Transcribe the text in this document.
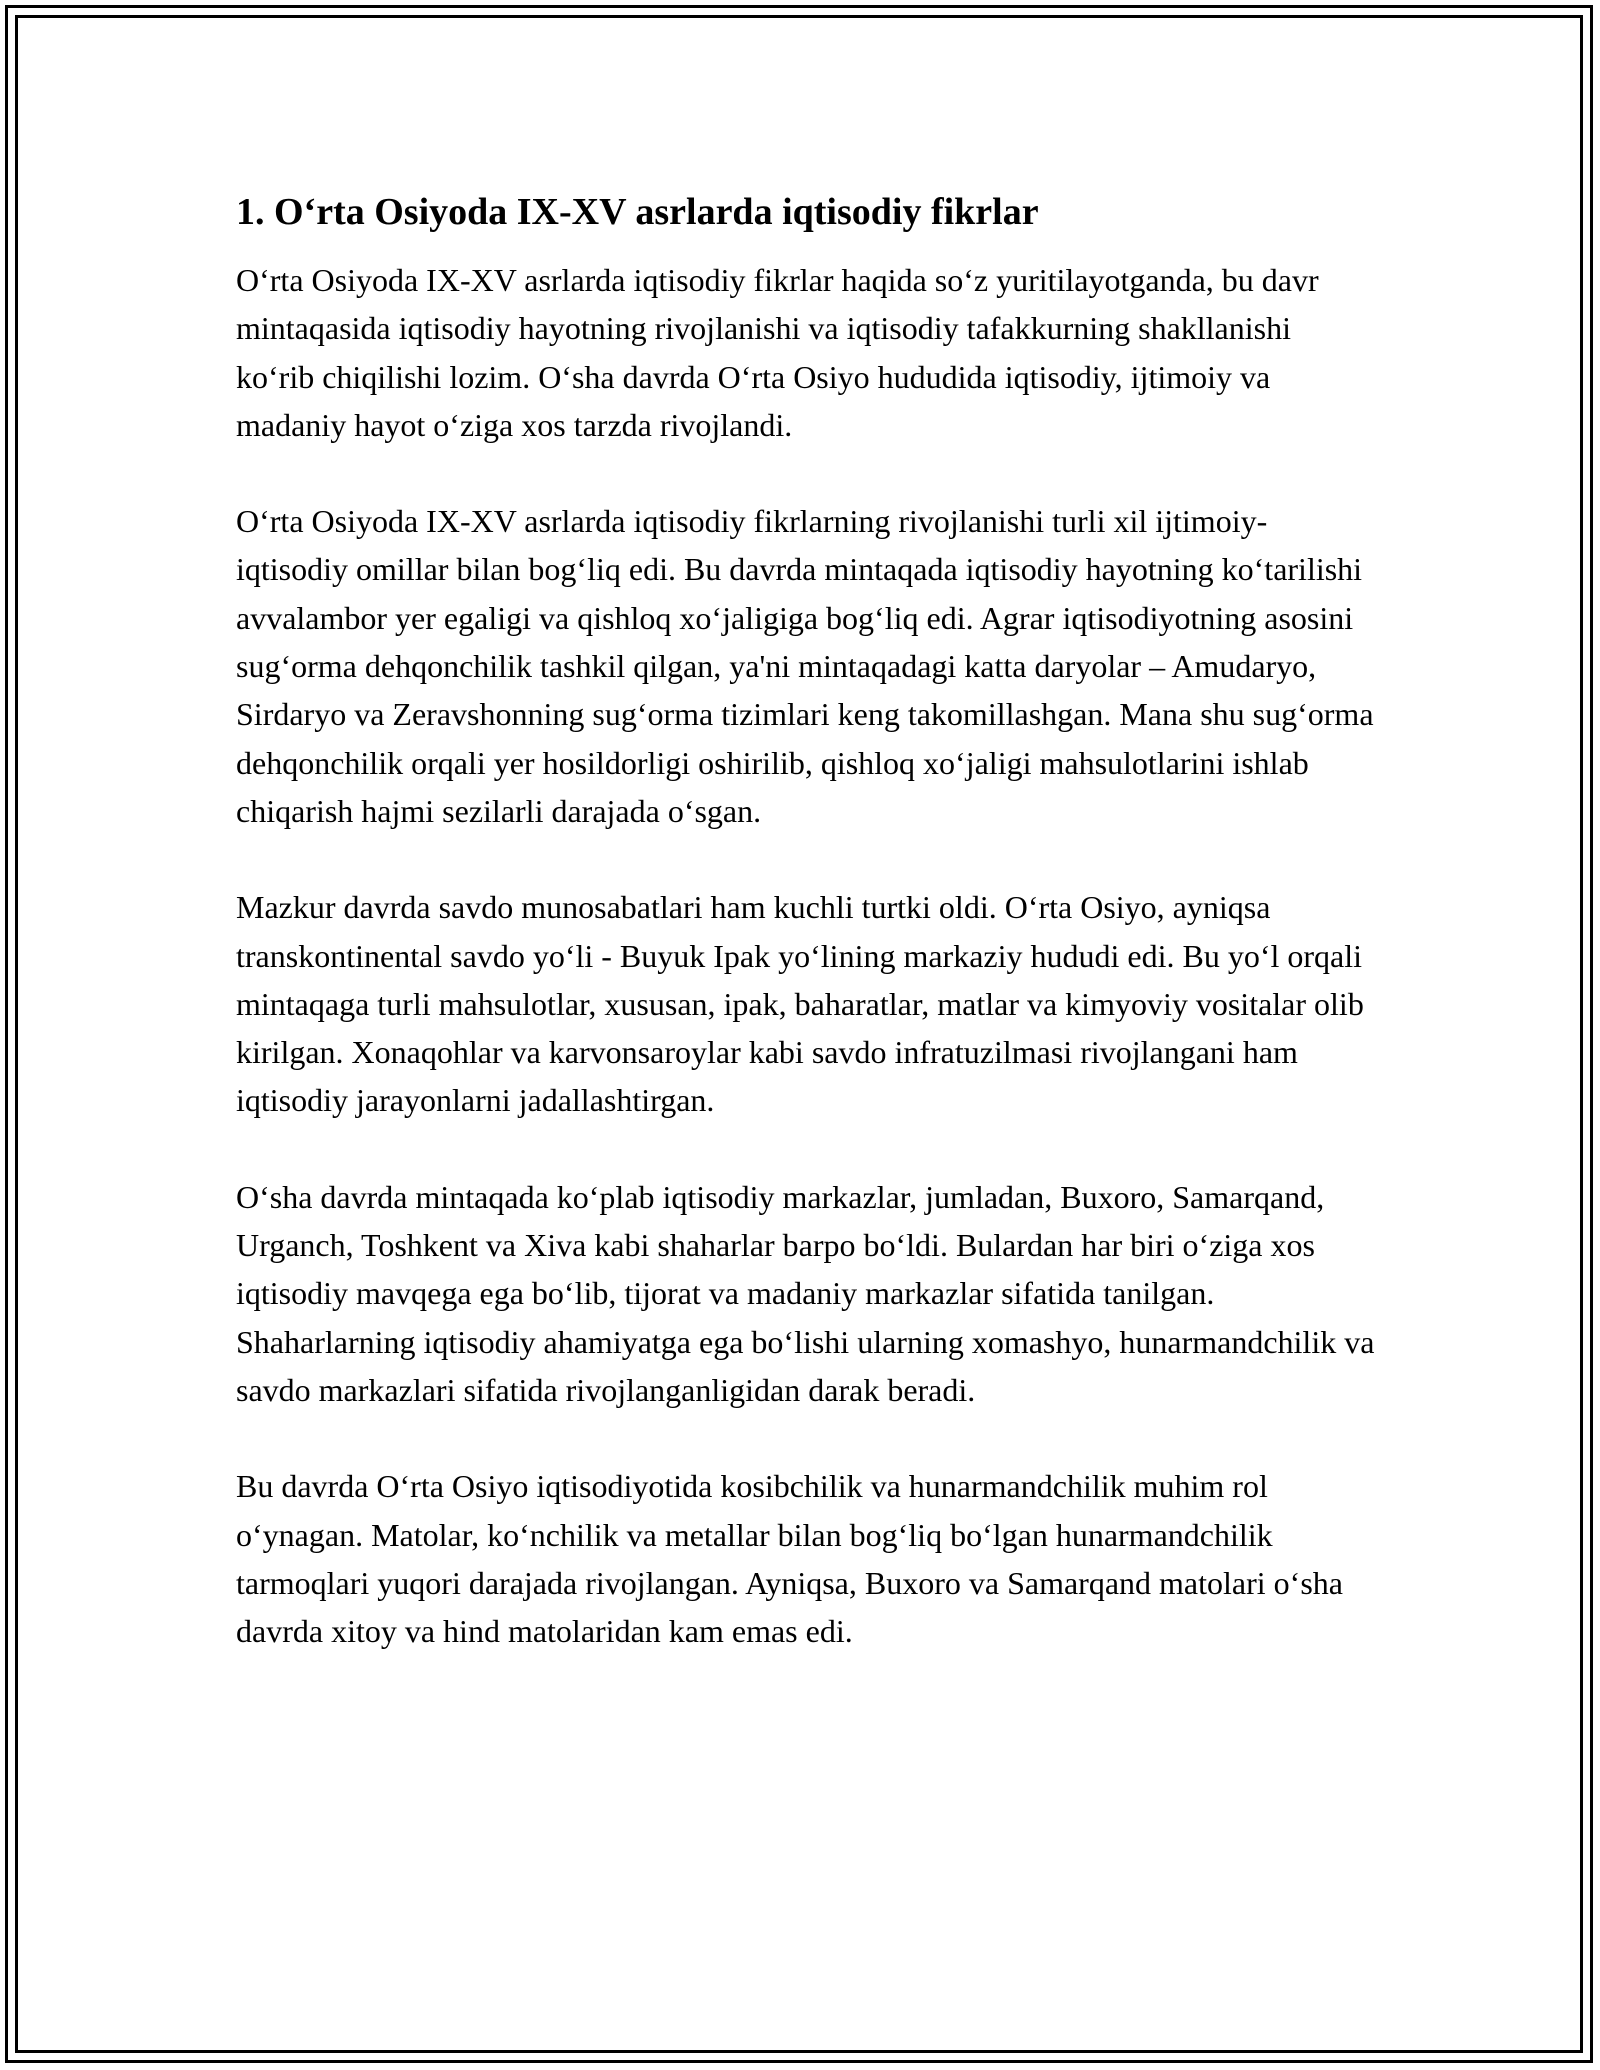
1. O‘rta Osiyoda IX-XV asrlarda iqtisodiy fikrlar

O‘rta Osiyoda IX-XV asrlarda iqtisodiy fikrlar haqida so‘z yuritilayotganda, bu davr mintaqasida iqtisodiy hayotning rivojlanishi va iqtisodiy tafakkurning shakllanishi ko‘rib chiqilishi lozim. O‘sha davrda O‘rta Osiyo hududida iqtisodiy, ijtimoiy va madaniy hayot o‘ziga xos tarzda rivojlandi.

O‘rta Osiyoda IX-XV asrlarda iqtisodiy fikrlarning rivojlanishi turli xil ijtimoiy-iqtisodiy omillar bilan bog‘liq edi. Bu davrda mintaqada iqtisodiy hayotning ko‘tarilishi avvalambor yer egaligi va qishloq xo‘jaligiga bog‘liq edi. Agrar iqtisodiyotning asosini sug‘orma dehqonchilik tashkil qilgan, ya'ni mintaqadagi katta daryolar – Amudaryo, Sirdaryo va Zeravshonning sug‘orma tizimlari keng takomillashgan. Mana shu sug‘orma dehqonchilik orqali yer hosildorligi oshirilib, qishloq xo‘jaligi mahsulotlarini ishlab chiqarish hajmi sezilarli darajada o‘sgan.

Mazkur davrda savdo munosabatlari ham kuchli turtki oldi. O‘rta Osiyo, ayniqsa transkontinental savdo yo‘li - Buyuk Ipak yo‘lining markaziy hududi edi. Bu yo‘l orqali mintaqaga turli mahsulotlar, xususan, ipak, baharatlar, matlar va kimyoviy vositalar olib kirilgan. Xonaqohlar va karvonsaroylar kabi savdo infratuzilmasi rivojlangani ham iqtisodiy jarayonlarni jadallashtirgan.

O‘sha davrda mintaqada ko‘plab iqtisodiy markazlar, jumladan, Buxoro, Samarqand, Urganch, Toshkent va Xiva kabi shaharlar barpo bo‘ldi. Bulardan har biri o‘ziga xos iqtisodiy mavqega ega bo‘lib, tijorat va madaniy markazlar sifatida tanilgan. Shaharlarning iqtisodiy ahamiyatga ega bo‘lishi ularning xomashyo, hunarmandchilik va savdo markazlari sifatida rivojlanganligidan darak beradi.

Bu davrda O‘rta Osiyo iqtisodiyotida kosibchilik va hunarmandchilik muhim rol o‘ynagan. Matolar, ko‘nchilik va metallar bilan bog‘liq bo‘lgan hunarmandchilik tarmoqlari yuqori darajada rivojlangan. Ayniqsa, Buxoro va Samarqand matolari o‘sha davrda xitoy va hind matolaridan kam emas edi.
